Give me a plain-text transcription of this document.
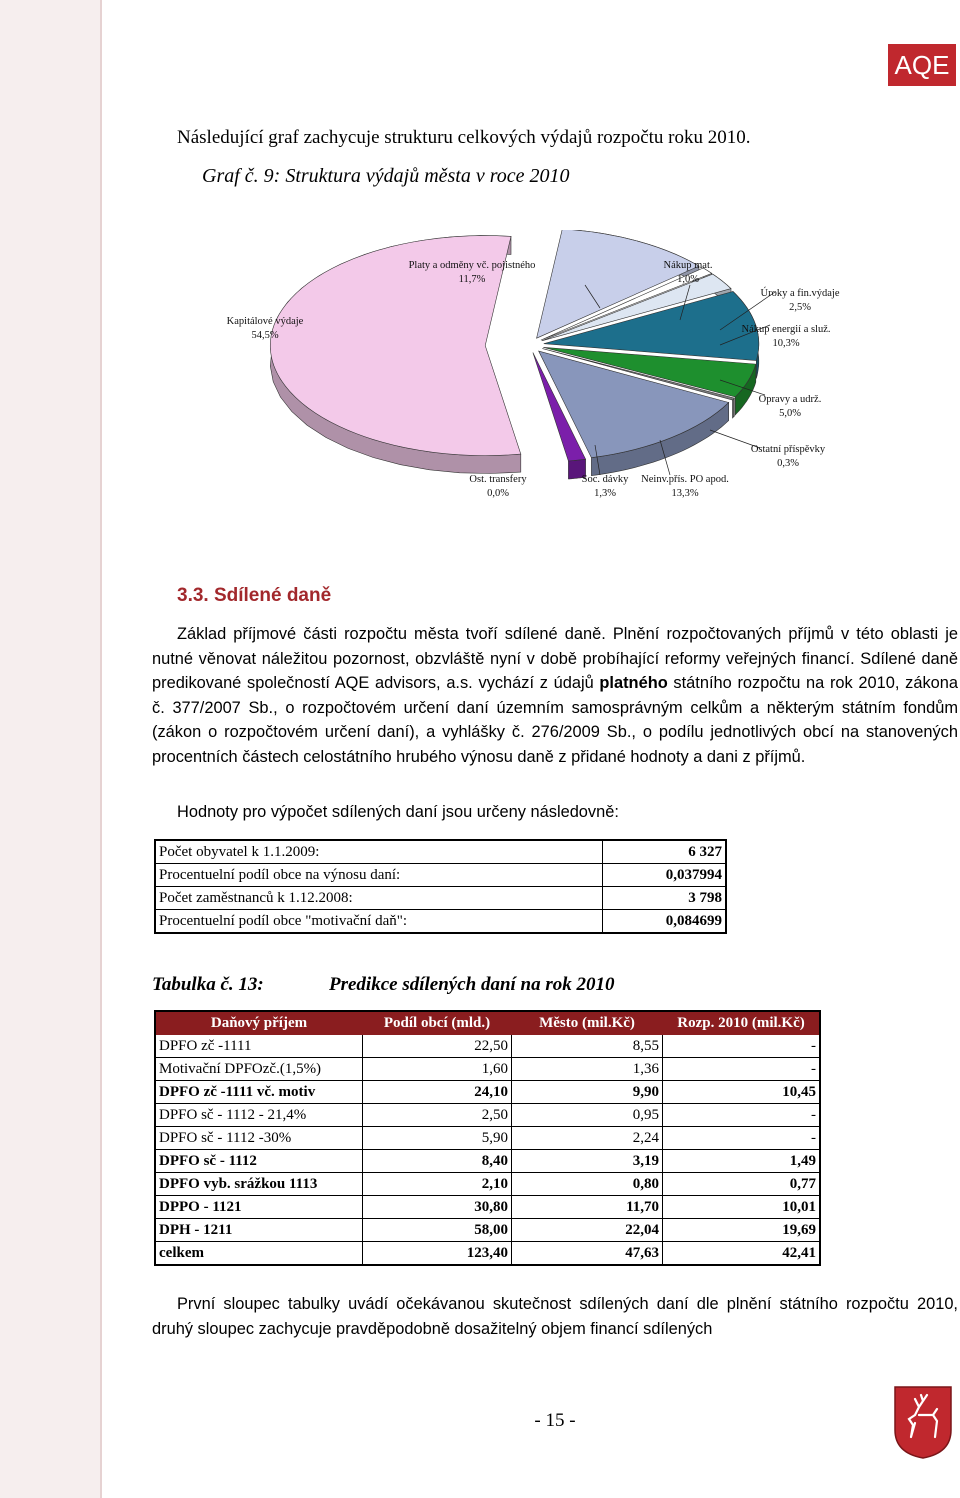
AQE
Následující graf zachycuje strukturu celkových výdajů rozpočtu roku 2010.
Graf č. 9: Struktura výdajů města v roce 2010
Platy a odměny vč. pojistného
11,7%
Nákup mat.
1,0%
Úroky a fin.výdaje
2,5%
Nákup energií a služ.
10,3%
Opravy a udrž.
5,0%
Ostatní příspěvky
0,3%
Neinv.přís. PO apod.
13,3%
Soc. dávky
1,3%
Ost. transfery
0,0%
Kapitálové výdaje
54,5%
3.3. Sdílené daně
Základ příjmové části rozpočtu města tvoří sdílené daně. Plnění rozpočtovaných příjmů v této oblasti je nutné věnovat náležitou pozornost, obzvláště nyní v době probíhající reformy veřejných financí. Sdílené daně predikované společností AQE advisors, a.s. vychází z údajů platného státního rozpočtu na rok 2010, zákona č. 377/2007 Sb., o rozpočtovém určení daní územním samosprávným celkům a některým státním fondům (zákon o rozpočtovém určení daní), a vyhlášky č. 276/2009 Sb., o podílu jednotlivých obcí na stanovených procentních částech celostátního hrubého výnosu daně z přidané hodnoty a dani z příjmů.
Hodnoty pro výpočet sdílených daní jsou určeny následovně:
Počet obyvatel k 1.1.2009:	6 327
Procentuelní podíl obce na výnosu daní:	0,037994
Počet zaměstnanců k 1.12.2008:	3 798
Procentuelní podíl obce "motivační daň":	0,084699
Tabulka č. 13:	Predikce sdílených daní na rok 2010
Daňový příjem	Podíl obcí (mld.)	Město (mil.Kč)	Rozp. 2010 (mil.Kč)
DPFO zč -1111	22,50	8,55	-
Motivační DPFOzč.(1,5%)	1,60	1,36	-
DPFO zč -1111 vč. motiv	24,10	9,90	10,45
DPFO sč - 1112 - 21,4%	2,50	0,95	-
DPFO sč - 1112 -30%	5,90	2,24	-
DPFO sč - 1112	8,40	3,19	1,49
DPFO vyb. srážkou 1113	2,10	0,80	0,77
DPPO - 1121	30,80	11,70	10,01
DPH - 1211	58,00	22,04	19,69
celkem	123,40	47,63	42,41
První sloupec tabulky uvádí očekávanou skutečnost sdílených daní dle plnění státního rozpočtu 2010, druhý sloupec zachycuje pravděpodobně dosažitelný objem financí sdílených
- 15 -
